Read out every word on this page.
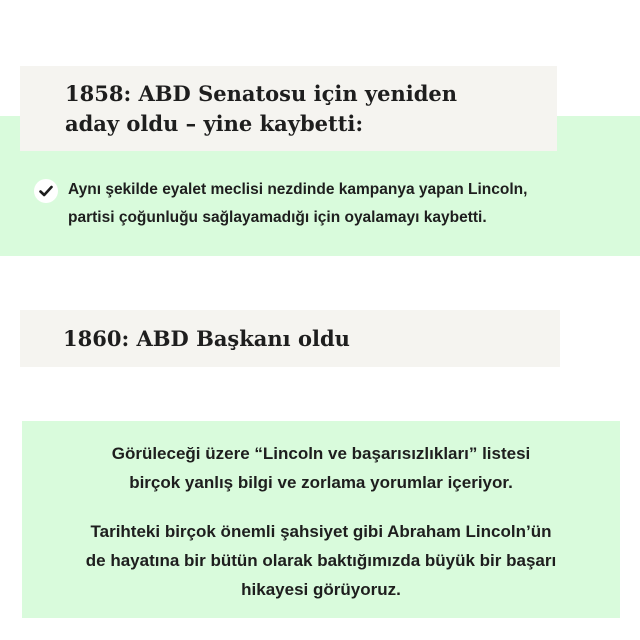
1858: ABD Senatosu için yeniden
aday oldu – yine kaybetti:
Aynı şekilde eyalet meclisi nezdinde kampanya yapan Lincoln,
partisi çoğunluğu sağlayamadığı için oyalamayı kaybetti.
1860: ABD Başkanı oldu
Görüleceği üzere “Lincoln ve başarısızlıkları” listesi
birçok yanlış bilgi ve zorlama yorumlar içeriyor.
Tarihteki birçok önemli şahsiyet gibi Abraham Lincoln’ün
de hayatına bir bütün olarak baktığımızda büyük bir başarı
hikayesi görüyoruz.
